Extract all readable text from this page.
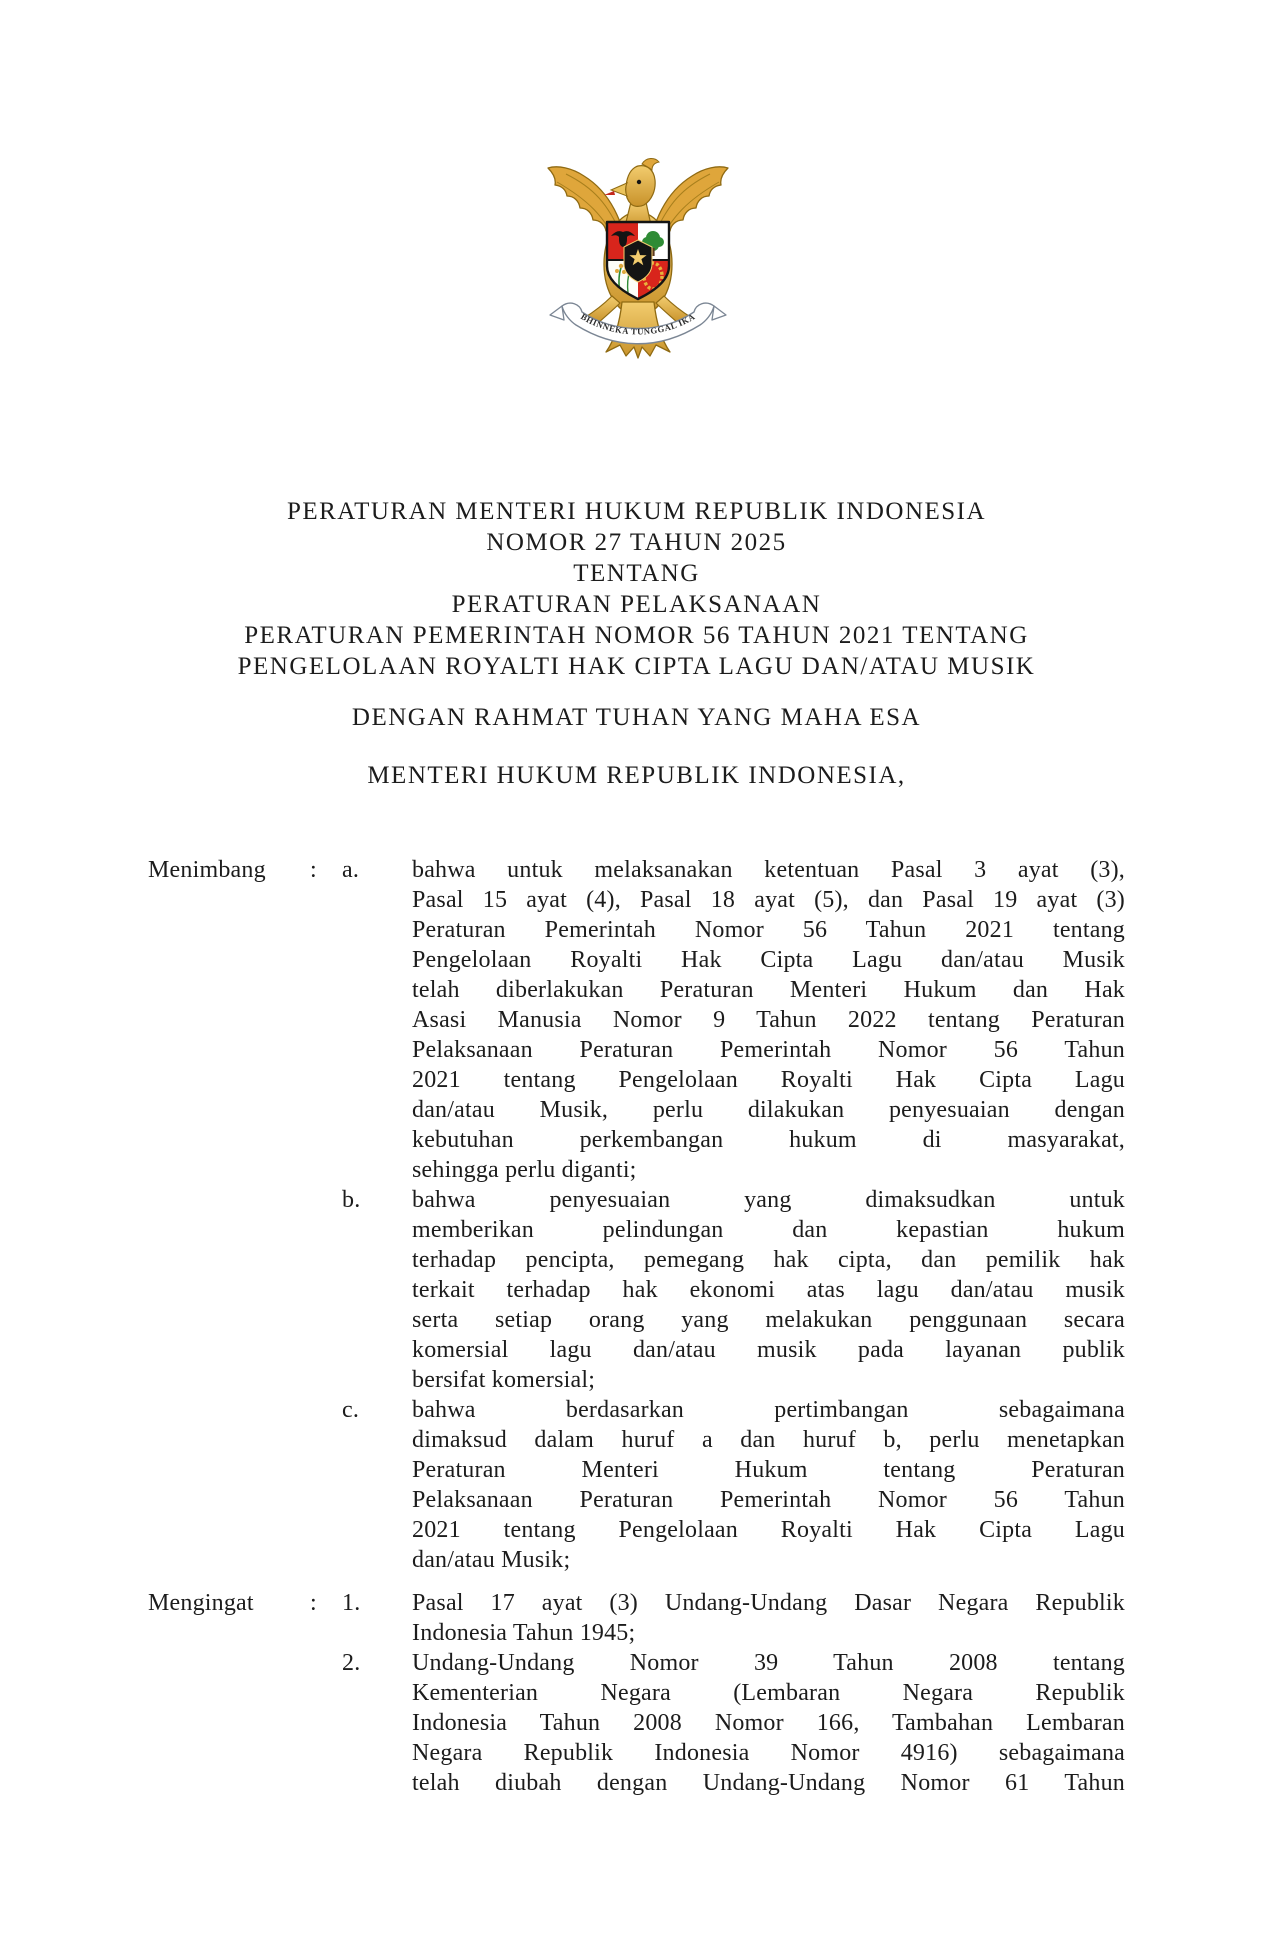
BHINNEKA TUNGGAL IKA
PERATURAN MENTERI HUKUM REPUBLIK INDONESIA
NOMOR 27 TAHUN 2025
TENTANG
PERATURAN PELAKSANAAN
PERATURAN PEMERINTAH NOMOR 56 TAHUN 2021 TENTANG
PENGELOLAAN ROYALTI HAK CIPTA LAGU DAN/ATAU MUSIK
DENGAN RAHMAT TUHAN YANG MAHA ESA
MENTERI HUKUM REPUBLIK INDONESIA,
Menimbang	:	a.	bahwa untuk melaksanakan ketentuan Pasal 3 ayat (3),
Pasal 15 ayat (4), Pasal 18 ayat (5), dan Pasal 19 ayat (3)
Peraturan Pemerintah Nomor 56 Tahun 2021 tentang
Pengelolaan Royalti Hak Cipta Lagu dan/atau Musik
telah diberlakukan Peraturan Menteri Hukum dan Hak
Asasi Manusia Nomor 9 Tahun 2022 tentang Peraturan
Pelaksanaan Peraturan Pemerintah Nomor 56 Tahun
2021 tentang Pengelolaan Royalti Hak Cipta Lagu
dan/atau Musik, perlu dilakukan penyesuaian dengan
kebutuhan perkembangan hukum di masyarakat,
sehingga perlu diganti;
b.	bahwa penyesuaian yang dimaksudkan untuk
memberikan pelindungan dan kepastian hukum
terhadap pencipta, pemegang hak cipta, dan pemilik hak
terkait terhadap hak ekonomi atas lagu dan/atau musik
serta setiap orang yang melakukan penggunaan secara
komersial lagu dan/atau musik pada layanan publik
bersifat komersial;
c.	bahwa berdasarkan pertimbangan sebagaimana
dimaksud dalam huruf a dan huruf b, perlu menetapkan
Peraturan Menteri Hukum tentang Peraturan
Pelaksanaan Peraturan Pemerintah Nomor 56 Tahun
2021 tentang Pengelolaan Royalti Hak Cipta Lagu
dan/atau Musik;
Mengingat	:	1.	Pasal 17 ayat (3) Undang-Undang Dasar Negara Republik
Indonesia Tahun 1945;
2.	Undang-Undang Nomor 39 Tahun 2008 tentang
Kementerian Negara (Lembaran Negara Republik
Indonesia Tahun 2008 Nomor 166, Tambahan Lembaran
Negara Republik Indonesia Nomor 4916) sebagaimana
telah diubah dengan Undang-Undang Nomor 61 Tahun
